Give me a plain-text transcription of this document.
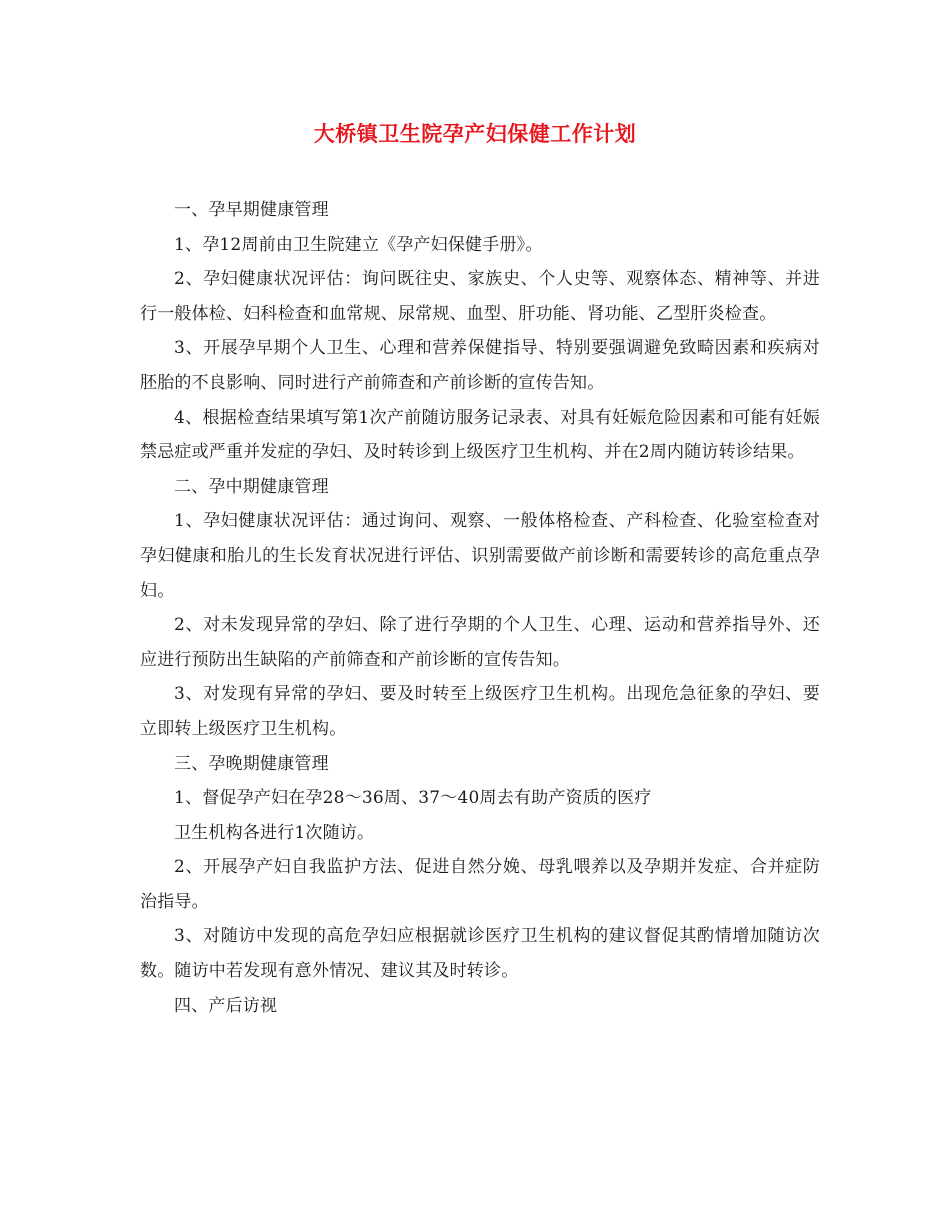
大桥镇卫生院孕产妇保健工作计划

一、孕早期健康管理

1、孕12周前由卫生院建立《孕产妇保健手册》。

2、孕妇健康状况评估：询问既往史、家族史、个人史等、观察体态、精神等、并进行一般体检、妇科检查和血常规、尿常规、血型、肝功能、肾功能、乙型肝炎检查。

3、开展孕早期个人卫生、心理和营养保健指导、特别要强调避免致畸因素和疾病对胚胎的不良影响、同时进行产前筛查和产前诊断的宣传告知。

4、根据检查结果填写第1次产前随访服务记录表、对具有妊娠危险因素和可能有妊娠禁忌症或严重并发症的孕妇、及时转诊到上级医疗卫生机构、并在2周内随访转诊结果。

二、孕中期健康管理

1、孕妇健康状况评估：通过询问、观察、一般体格检查、产科检查、化验室检查对孕妇健康和胎儿的生长发育状况进行评估、识别需要做产前诊断和需要转诊的高危重点孕妇。

2、对未发现异常的孕妇、除了进行孕期的个人卫生、心理、运动和营养指导外、还应进行预防出生缺陷的产前筛查和产前诊断的宣传告知。

3、对发现有异常的孕妇、要及时转至上级医疗卫生机构。出现危急征象的孕妇、要立即转上级医疗卫生机构。

三、孕晚期健康管理

1、督促孕产妇在孕28～36周、37～40周去有助产资质的医疗

卫生机构各进行1次随访。

2、开展孕产妇自我监护方法、促进自然分娩、母乳喂养以及孕期并发症、合并症防治指导。

3、对随访中发现的高危孕妇应根据就诊医疗卫生机构的建议督促其酌情增加随访次数。随访中若发现有意外情况、建议其及时转诊。

四、产后访视
